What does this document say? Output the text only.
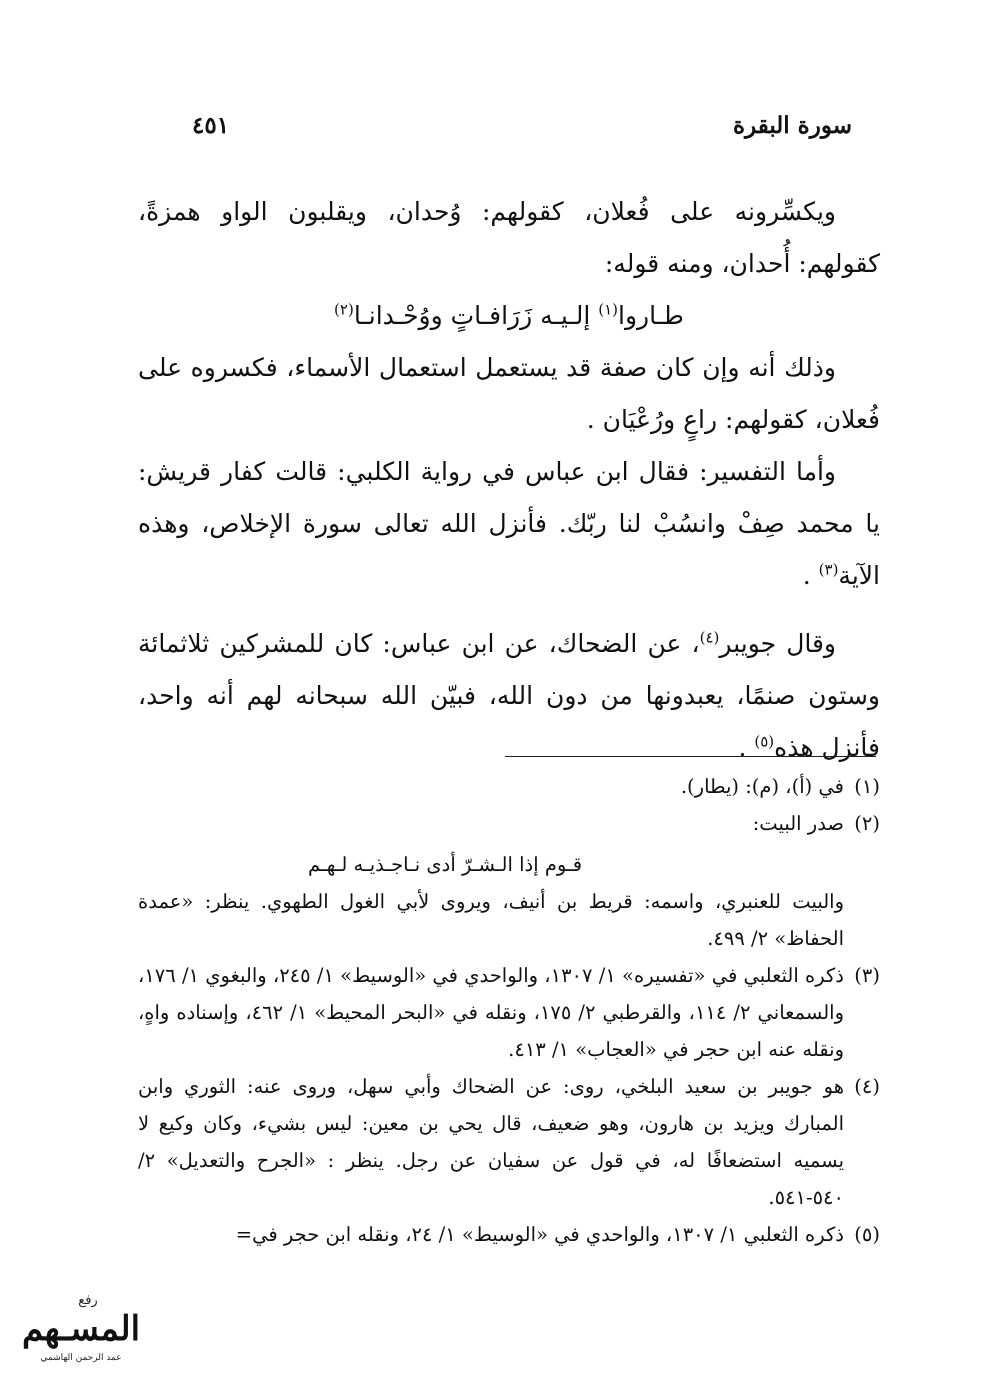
سورة البقرة
٤٥١

ويكسِّرونه على فُعلان، كقولهم: وُحدان، ويقلبون الواو همزةً، كقولهم: أُحدان، ومنه قوله:

طـاروا$^{(١)}$ إلـيـه زَرَافـاتٍ ووُحْـدانـا$^{(٢)}$

وذلك أنه وإن كان صفة قد يستعمل استعمال الأسماء، فكسروه على فُعلان، كقولهم: راعٍ ورُعْيَان .

وأما التفسير: فقال ابن عباس في رواية الكلبي: قالت كفار قريش: يا محمد صِفْ وانسُبْ لنا ربّك. فأنزل الله تعالى سورة الإخلاص، وهذه الآية$^{(٣)}$ .

وقال جويبر$^{(٤)}$، عن الضحاك، عن ابن عباس: كان للمشركين ثلاثمائة وستون صنمًا، يعبدونها من دون الله، فبيّن الله سبحانه لهم أنه واحد، فأنزل هذه$^{(٥)}$ .

(١)
في (أ)، (م): (يطار).
(٢)
صدر البيت:
قـوم إذا الـشـرّ أدى نـاجـذيـه لـهـم
والبيت للعنبري، واسمه: قريط بن أنيف، ويروى لأبي الغول الطهوي. ينظر: «عمدة الحفاظ» ٢/ ٤٩٩.
(٣)
ذكره الثعلبي في «تفسيره» ١/ ١٣٠٧، والواحدي في «الوسيط» ١/ ٢٤٥، والبغوي ١/ ١٧٦، والسمعاني ٢/ ١١٤، والقرطبي ٢/ ١٧٥، ونقله في «البحر المحيط» ١/ ٤٦٢، وإسناده واهٍ، ونقله عنه ابن حجر في «العجاب» ١/ ٤١٣.
(٤)
هو جويبر بن سعيد البلخي، روى: عن الضحاك وأبي سهل، وروى عنه: الثوري وابن المبارك ويزيد بن هارون، وهو ضعيف، قال يحي بن معين: ليس بشيء، وكان وكيع لا يسميه استضعافًا له، في قول عن سفيان عن رجل. ينظر : «الجرح والتعديل» ٢/ ٥٤٠-٥٤١.
(٥)
ذكره الثعلبي ١/ ١٣٠٧، والواحدي في «الوسيط» ١/ ٢٤، ونقله ابن حجر في=
رفع
المسـهم
عمد الرحمن الهاشمي
